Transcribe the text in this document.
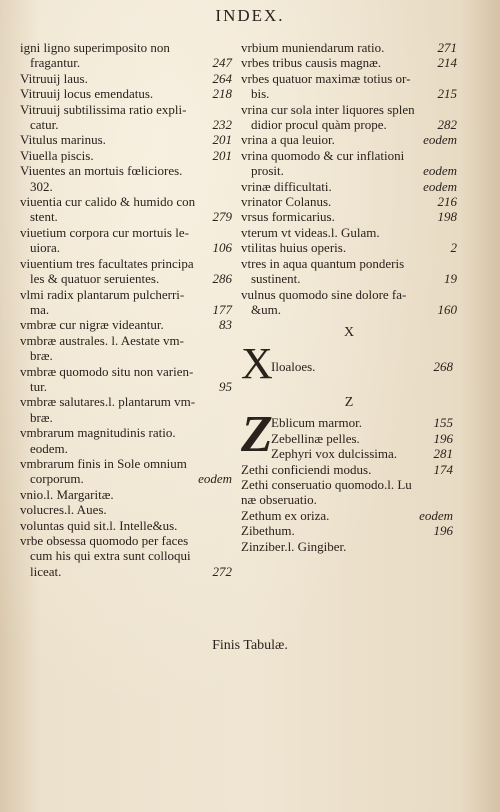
INDEX.
igni ligno superimposito non
fragantur.	247
Vitruuij laus.	264
Vitruuij locus emendatus.	218
Vitruuij subtilissima ratio expli-
catur.	232
Vitulus marinus.	201
Viuella piscis.	201
Viuentes an mortuis fœliciores.
302.
viuentia cur calido & humido con
stent.	279
viuetium corpora cur mortuis le-
uiora.	106
viuentium tres facultates principa
les & quatuor seruientes.	286
vlmi radix plantarum pulcherri-
ma.	177
vmbræ cur nigræ videantur.	83
vmbræ australes. l. Aestate vm-
bræ.
vmbræ quomodo situ non varien-
tur.	95
vmbræ salutares.l. plantarum vm-
bræ.
vmbrarum magnitudinis ratio.
eodem.
vmbrarum finis in Sole omnium
corporum.	eodem
vnio.l. Margaritæ.
volucres.l. Aues.
voluntas quid sit.l. Intelle&us.
vrbe obsessa quomodo per faces
cum his qui extra sunt colloqui
liceat.	272
vrbium muniendarum ratio.	271
vrbes tribus causis magnæ.	214
vrbes quatuor maximæ totius or-
bis.	215
vrina cur sola inter liquores splen
didior procul quàm prope.	282
vrina a qua leuior.	eodem
vrina quomodo & cur inflationi
prosit.	eodem
vrinæ difficultati.	eodem
vrinator Colanus.	216
vrsus formicarius.	198
vterum vt videas.l. Gulam.
vtilitas huius operis.	2
vtres in aqua quantum ponderis
sustinent.	19
vulnus quomodo sine dolore fa-
&um.	160
X
X
Iloaloes.	268
Z
Z
Eblicum marmor.	155
Zebellinæ pelles.	196
Zephyri vox dulcissima.	281
Zethi conficiendi modus.	174
Zethi conseruatio quomodo.l. Lu
næ obseruatio.
Zethum ex oriza.	eodem
Zibethum.	196
Zinziber.l. Gingiber.
Finis Tabulæ.
